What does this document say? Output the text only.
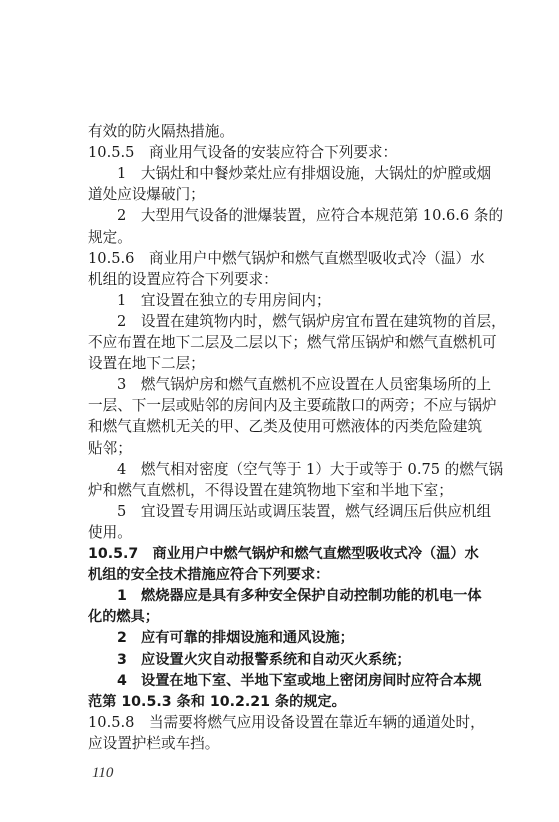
有效的防火隔热措施。
10.5.5　商业用气设备的安装应符合下列要求：
1　大锅灶和中餐炒菜灶应有排烟设施，大锅灶的炉膛或烟
道处应设爆破门；
2　大型用气设备的泄爆装置，应符合本规范第 10.6.6 条的
规定。
10.5.6　商业用户中燃气锅炉和燃气直燃型吸收式冷（温）水
机组的设置应符合下列要求：
1　宜设置在独立的专用房间内；
2　设置在建筑物内时，燃气锅炉房宜布置在建筑物的首层，
不应布置在地下二层及二层以下；燃气常压锅炉和燃气直燃机可
设置在地下二层；
3　燃气锅炉房和燃气直燃机不应设置在人员密集场所的上
一层、下一层或贴邻的房间内及主要疏散口的两旁；不应与锅炉
和燃气直燃机无关的甲、乙类及使用可燃液体的丙类危险建筑
贴邻；
4　燃气相对密度（空气等于 1）大于或等于 0.75 的燃气锅
炉和燃气直燃机，不得设置在建筑物地下室和半地下室；
5　宜设置专用调压站或调压装置，燃气经调压后供应机组
使用。
10.5.7　商业用户中燃气锅炉和燃气直燃型吸收式冷（温）水
机组的安全技术措施应符合下列要求：
1　燃烧器应是具有多种安全保护自动控制功能的机电一体
化的燃具；
2　应有可靠的排烟设施和通风设施；
3　应设置火灾自动报警系统和自动灭火系统；
4　设置在地下室、半地下室或地上密闭房间时应符合本规
范第 10.5.3 条和 10.2.21 条的规定。
10.5.8　当需要将燃气应用设备设置在靠近车辆的通道处时，
应设置护栏或车挡。
110
